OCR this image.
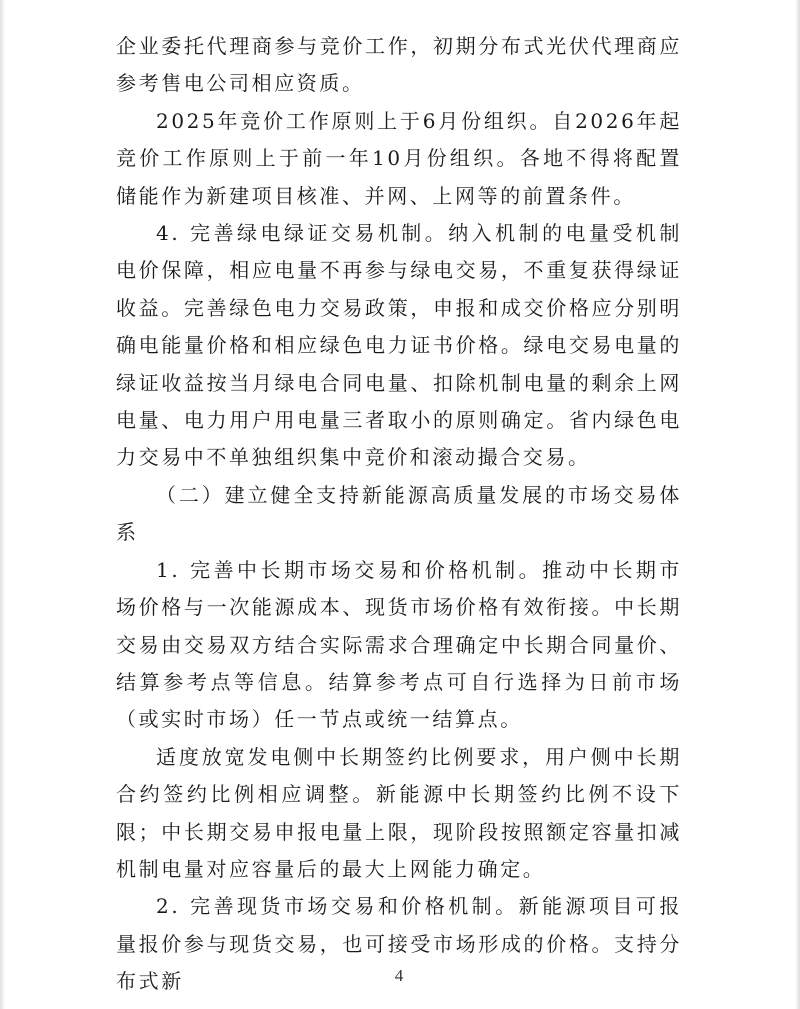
企业委托代理商参与竞价工作，初期分布式光伏代理商应参考售电公司相应资质。

2025年竞价工作原则上于6月份组织。自2026年起竞价工作原则上于前一年10月份组织。各地不得将配置储能作为新建项目核准、并网、上网等的前置条件。

4. 完善绿电绿证交易机制。纳入机制的电量受机制电价保障，相应电量不再参与绿电交易，不重复获得绿证收益。完善绿色电力交易政策，申报和成交价格应分别明确电能量价格和相应绿色电力证书价格。绿电交易电量的绿证收益按当月绿电合同电量、扣除机制电量的剩余上网电量、电力用户用电量三者取小的原则确定。省内绿色电力交易中不单独组织集中竞价和滚动撮合交易。

（二）建立健全支持新能源高质量发展的市场交易体系

1. 完善中长期市场交易和价格机制。推动中长期市场价格与一次能源成本、现货市场价格有效衔接。中长期交易由交易双方结合实际需求合理确定中长期合同量价、结算参考点等信息。结算参考点可自行选择为日前市场（或实时市场）任一节点或统一结算点。

适度放宽发电侧中长期签约比例要求，用户侧中长期合约签约比例相应调整。新能源中长期签约比例不设下限；中长期交易申报电量上限，现阶段按照额定容量扣减机制电量对应容量后的最大上网能力确定。

2. 完善现货市场交易和价格机制。新能源项目可报量报价参与现货交易，也可接受市场形成的价格。支持分布式新	4
